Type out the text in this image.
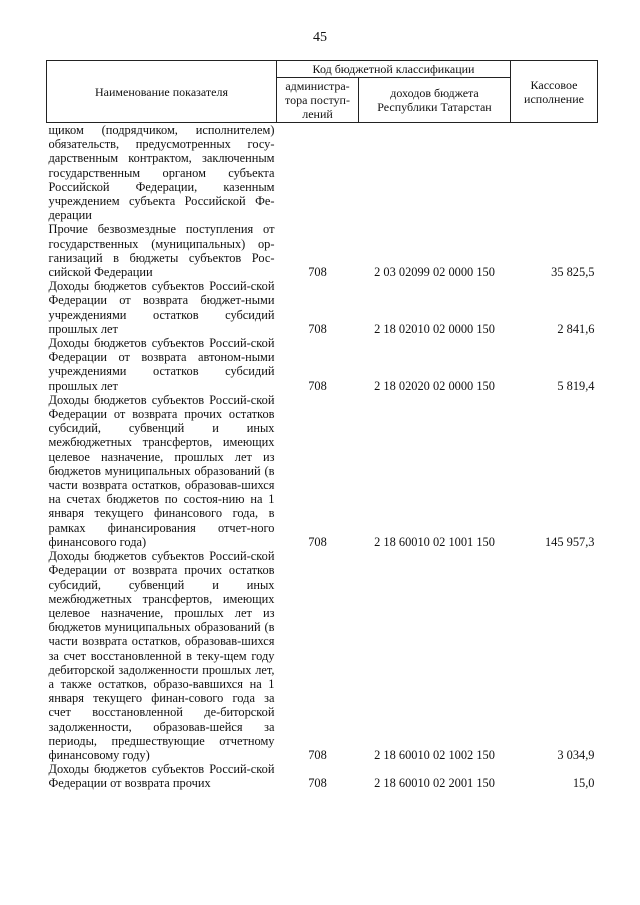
45
Наименование показателя	Код бюджетной классификации		Кассовое исполнение
	администра-тора поступ-лений	доходов бюджета Республики Татарстан	
щиком (подрядчиком, исполнителем) обязательств, предусмотренных госу-дарственным контрактом, заключенным государственным органом субъекта Российской Федерации, казенным учреждением субъекта Российской Фе-дерации			
Прочие безвозмездные поступления от государственных (муниципальных) ор-ганизаций в бюджеты субъектов Рос-сийской Федерации	708	2 03 02099 02 0000 150	35 825,5
Доходы бюджетов субъектов Россий-ской Федерации от возврата бюджет-ными учреждениями остатков субсидий прошлых лет	708	2 18 02010 02 0000 150	2 841,6
Доходы бюджетов субъектов Россий-ской Федерации от возврата автоном-ными учреждениями остатков субсидий прошлых лет	708	2 18 02020 02 0000 150	5 819,4
Доходы бюджетов субъектов Россий-ской Федерации от возврата прочих остатков субсидий, субвенций и иных межбюджетных трансфертов, имеющих целевое назначение, прошлых лет из бюджетов муниципальных образований (в части возврата остатков, образовав-шихся на счетах бюджетов по состоя-нию на 1 января текущего финансового года, в рамках финансирования отчет-ного финансового года)	708	2 18 60010 02 1001 150	145 957,3
Доходы бюджетов субъектов Россий-ской Федерации от возврата прочих остатков субсидий, субвенций и иных межбюджетных трансфертов, имеющих целевое назначение, прошлых лет из бюджетов муниципальных образований (в части возврата остатков, образовав-шихся за счет восстановленной в теку-щем году дебиторской задолженности прошлых лет, а также остатков, образо-вавшихся на 1 января текущего финан-сового года за счет восстановленной де-биторской задолженности, образовав-шейся за периоды, предшествующие отчетному финансовому году)	708	2 18 60010 02 1002 150	3 034,9
Доходы бюджетов субъектов Россий-ской Федерации от возврата прочих	708	2 18 60010 02 2001 150	15,0
